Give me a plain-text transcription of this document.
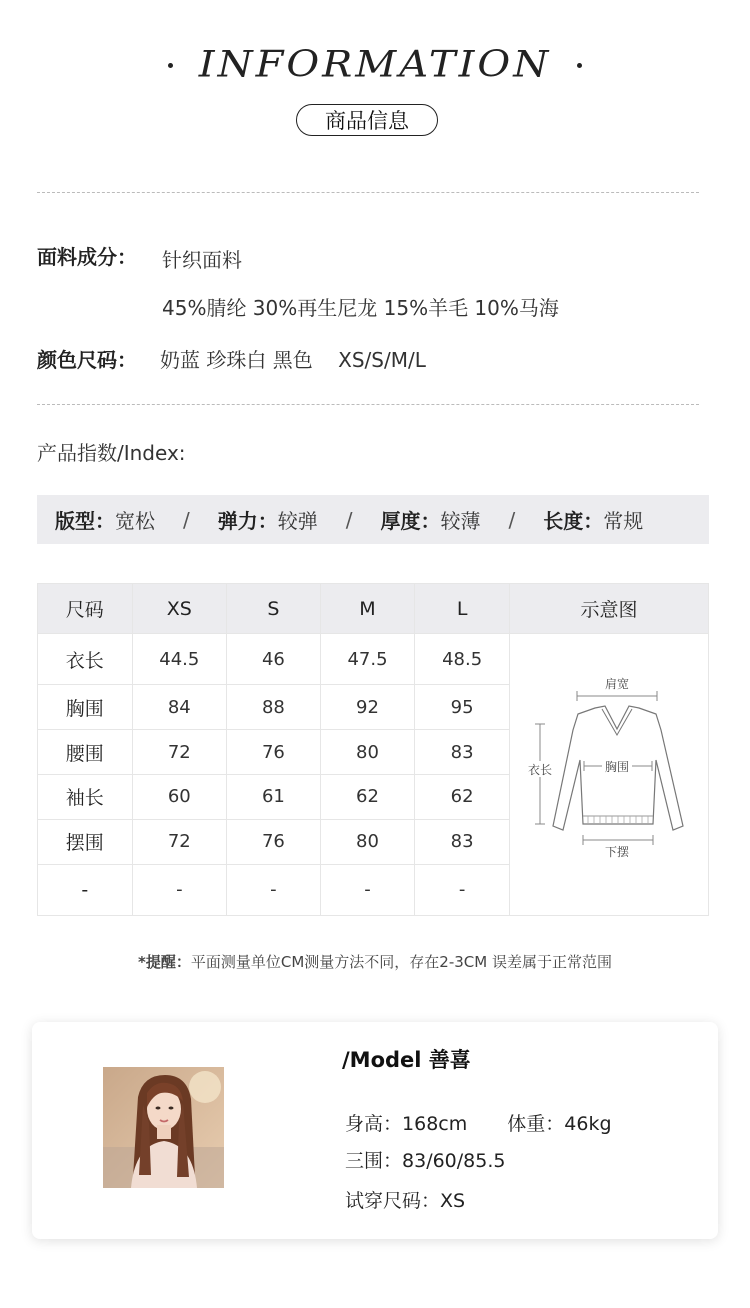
INFORMATION
商品信息
面料成分： 针织面料
45%腈纶 30%再生尼龙 15%羊毛 10%马海
颜色尺码： 奶蓝 珍珠白 黑色    XS/S/M/L
产品指数/Index:
版型： 宽松 / 弹力： 较弹 / 厚度： 较薄 / 长度： 常规
尺码	XS	S	M	L	示意图
衣长	44.5	46	47.5	48.5	肩宽
衣长 胸围
下摆

胸围	84	88	92	95	
腰围	72	76	80	83	
袖长	60	61	62	62	
摆围	72	76	80	83	
-	-	-	-	-	
*提醒：平面测量单位CM测量方法不同，存在2-3CM 误差属于正常范围
/Model 善喜
身高：168cm 体重：46kg
三围：83/60/85.5
试穿尺码：XS
